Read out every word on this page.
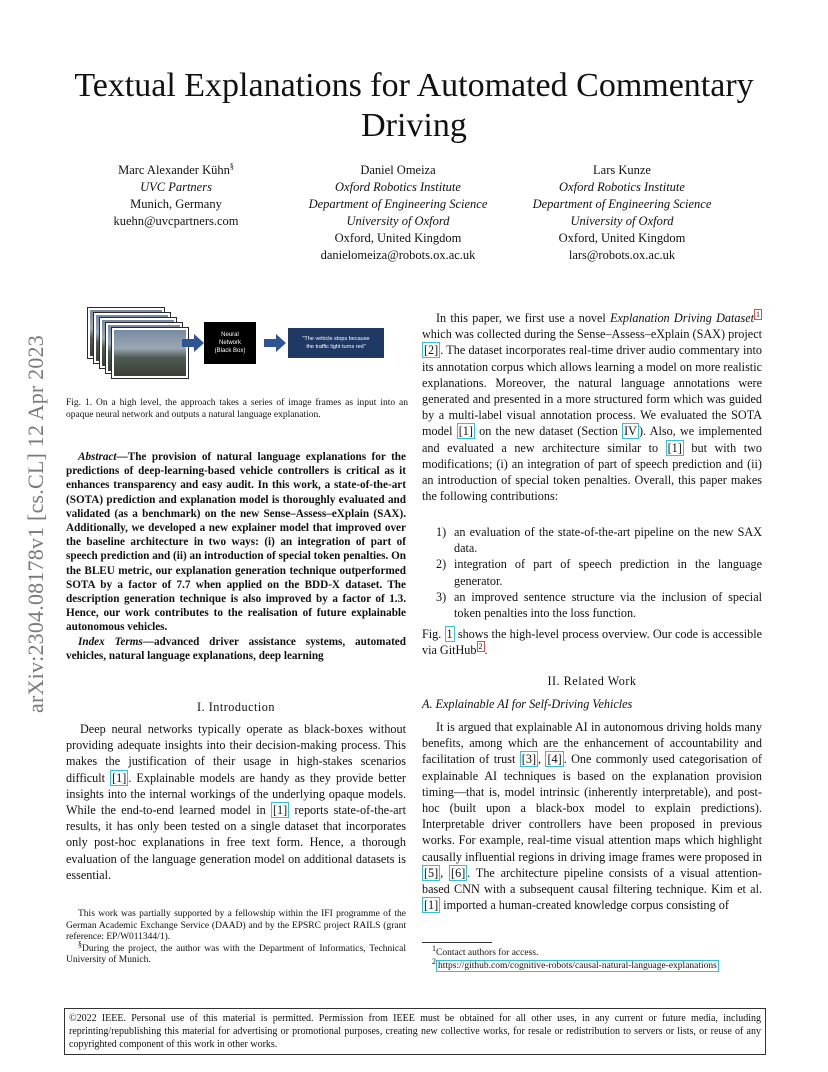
Textual Explanations for Automated Commentary Driving
arXiv:2304.08178v1 [cs.CL] 12 Apr 2023
Marc Alexander Kühn§
UVC Partners
Munich, Germany
kuehn@uvcpartners.com
Daniel Omeiza
Oxford Robotics Institute
Department of Engineering Science
University of Oxford
Oxford, United Kingdom
danielomeiza@robots.ox.ac.uk
Lars Kunze
Oxford Robotics Institute
Department of Engineering Science
University of Oxford
Oxford, United Kingdom
lars@robots.ox.ac.uk
Neural
Network
(Black Box)
"The vehicle stops because
the traffic light turns red"
Fig. 1. On a high level, the approach takes a series of image frames as input into an opaque neural network and outputs a natural language explanation.

Abstract—The provision of natural language explanations for the predictions of deep-learning-based vehicle controllers is critical as it enhances transparency and easy audit. In this work, a state-of-the-art (SOTA) prediction and explanation model is thoroughly evaluated and validated (as a benchmark) on the new Sense–Assess–eXplain (SAX). Additionally, we developed a new explainer model that improved over the baseline architecture in two ways: (i) an integration of part of speech prediction and (ii) an introduction of special token penalties. On the BLEU metric, our explanation generation technique outperformed SOTA by a factor of 7.7 when applied on the BDD-X dataset. The description generation technique is also improved by a factor of 1.3. Hence, our work contributes to the realisation of future explainable autonomous vehicles.

Index Terms—advanced driver assistance systems, automated vehicles, natural language explanations, deep learning

I. Introduction

Deep neural networks typically operate as black-boxes without providing adequate insights into their decision-making process. This makes the justification of their usage in high-stakes scenarios difficult [1] . Explainable models are handy as they provide better insights into the internal workings of the underlying opaque models. While the end-to-end learned model in [1] reports state-of-the-art results, it has only been tested on a single dataset that incorporates only post-hoc explanations in free text form. Hence, a thorough evaluation of the language generation model on additional datasets is essential.

This work was partially supported by a fellowship within the IFI programme of the German Academic Exchange Service (DAAD) and by the EPSRC project RAILS (grant reference: EP/W011344/1).

§During the project, the author was with the Department of Informatics, Technical University of Munich.

In this paper, we first use a novel Explanation Driving Dataset $^1$ which was collected during the Sense–Assess–eXplain (SAX) project [2] . The dataset incorporates real-time driver audio commentary into its annotation corpus which allows learning a model on more realistic explanations. Moreover, the natural language annotations were generated and presented in a more structured form which was guided by a multi-label visual annotation process. We evaluated the SOTA model [1] on the new dataset (Section IV ). Also, we implemented and evaluated a new architecture similar to [1] but with two modifications; (i) an integration of part of speech prediction and (ii) an introduction of special token penalties. Overall, this paper makes the following contributions:

1) an evaluation of the state-of-the-art pipeline on the new SAX data.
2) integration of part of speech prediction in the language generator.
3) an improved sentence structure via the inclusion of special token penalties into the loss function.

Fig. 1 shows the high-level process overview. Our code is accessible via GitHub $^2$ .

II. Related Work
A. Explainable AI for Self-Driving Vehicles

It is argued that explainable AI in autonomous driving holds many benefits, among which are the enhancement of accountability and facilitation of trust [3] , [4] . One commonly used categorisation of explainable AI techniques is based on the explanation provision timing—that is, model intrinsic (inherently interpretable), and post-hoc (built upon a black-box model to explain predictions). Interpretable driver controllers have been proposed in previous works. For example, real-time visual attention maps which highlight causally influential regions in driving image frames were proposed in [5] , [6] . The architecture pipeline consists of a visual attention-based CNN with a subsequent causal filtering technique. Kim et al. [1] imported a human-created knowledge corpus consisting of

$^1$Contact authors for access.

$^2$ https://github.com/cognitive-robots/causal-natural-language-explanations

©2022 IEEE. Personal use of this material is permitted. Permission from IEEE must be obtained for all other uses, in any current or future media, including reprinting/republishing this material for advertising or promotional purposes, creating new collective works, for resale or redistribution to servers or lists, or reuse of any copyrighted component of this work in other works.
